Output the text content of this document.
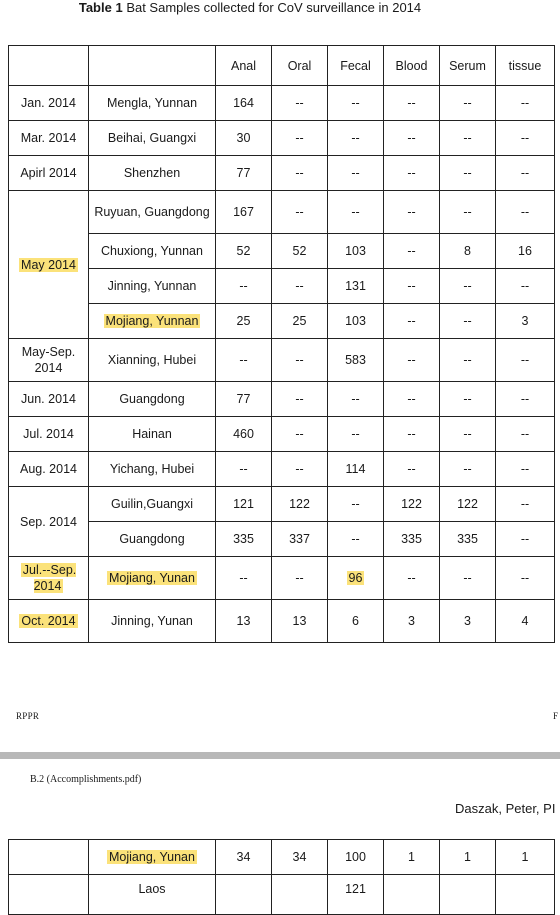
Table 1 Bat Samples collected for CoV surveillance in 2014
		Anal	Oral	Fecal	Blood	Serum	tissue
Jan. 2014	Mengla, Yunnan	164	--	--	--	--	--
Mar. 2014	Beihai, Guangxi	30	--	--	--	--	--
Apirl 2014	Shenzhen	77	--	--	--	--	--
May 2014	Ruyuan, Guangdong	167	--	--	--	--	--
	Chuxiong, Yunnan	52	52	103	--	8	16
	Jinning, Yunnan	--	--	131	--	--	--
	Mojiang, Yunnan	25	25	103	--	--	3
May-Sep. 2014	Xianning, Hubei	--	--	583	--	--	--
Jun. 2014	Guangdong	77	--	--	--	--	--
Jul. 2014	Hainan	460	--	--	--	--	--
Aug. 2014	Yichang, Hubei	--	--	114	--	--	--
Sep. 2014	Guilin,Guangxi	121	122	--	122	122	--
	Guangdong	335	337	--	335	335	--
Jul.--Sep. 2014	Mojiang, Yunan	--	--	96	--	--	--
Oct. 2014	Jinning, Yunan	13	13	6	3	3	4
RPPR	F
B.2 (Accomplishments.pdf)
Daszak, Peter, PI
	Mojiang, Yunan	34	34	100	1	1	1
	Laos			121			
